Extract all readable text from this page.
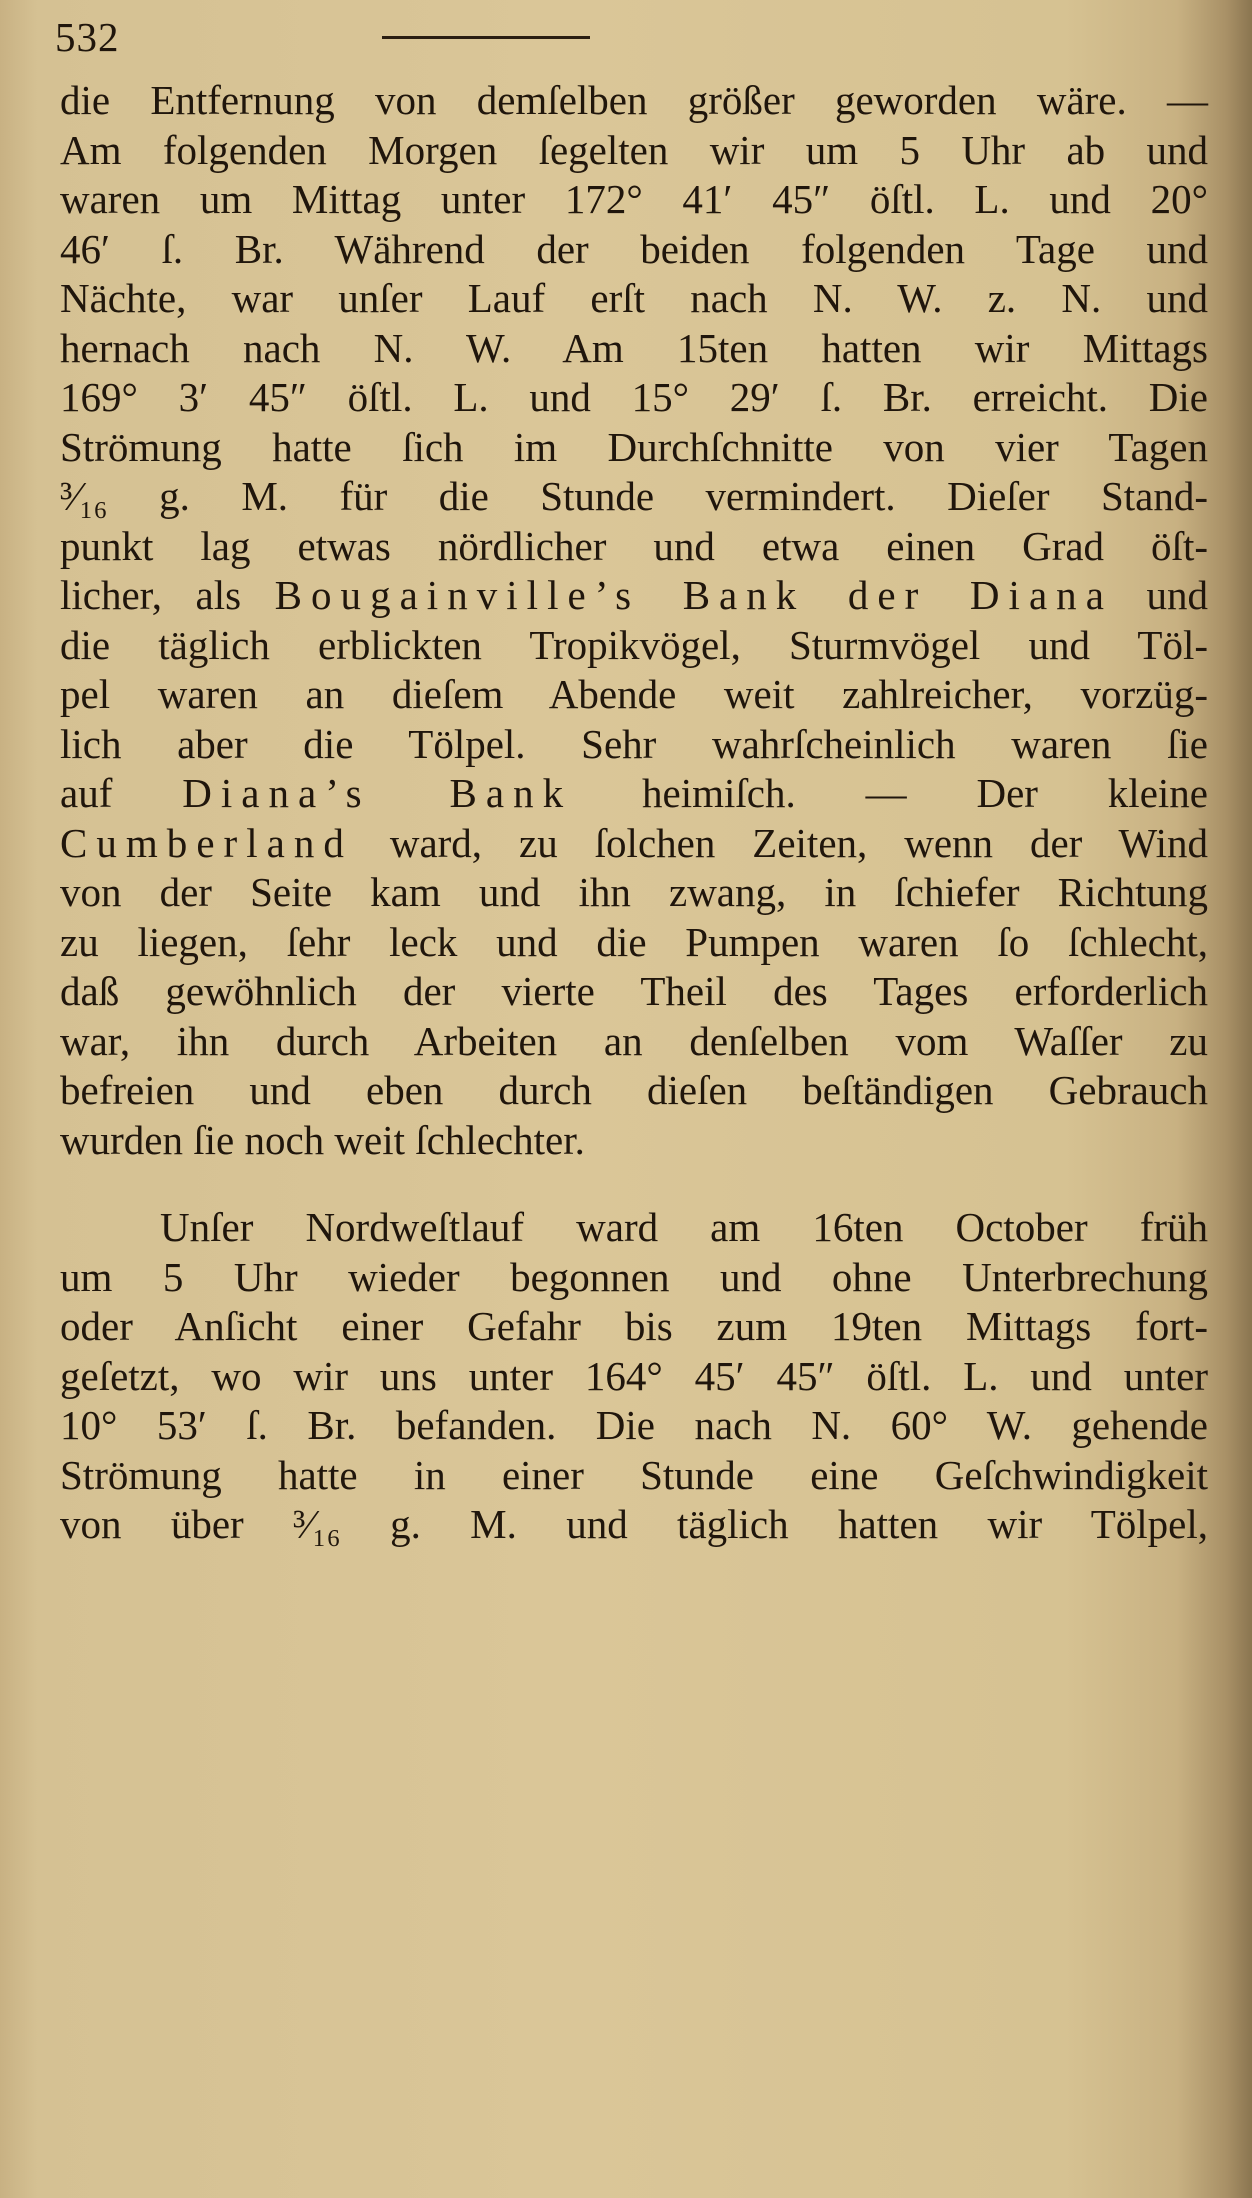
532
die Entfernung von demſelben größer geworden wäre. —
Am folgenden Morgen ſegelten wir um 5 Uhr ab und
waren um Mittag unter 172° 41′ 45″ öſtl. L. und 20°
46′ ſ. Br. Während der beiden folgenden Tage und
Nächte, war unſer Lauf erſt nach N. W. z. N. und
hernach nach N. W. Am 15ten hatten wir Mittags
169° 3′ 45″ öſtl. L. und 15° 29′ ſ. Br. erreicht. Die
Strömung hatte ſich im Durchſchnitte von vier Tagen
³⁄₁₆ g. M. für die Stunde vermindert. Dieſer Stand-
punkt lag etwas nördlicher und etwa einen Grad öſt-
licher, als Bougainville’s Bank der Diana und
die täglich erblickten Tropikvögel, Sturmvögel und Töl-
pel waren an dieſem Abende weit zahlreicher, vorzüg-
lich aber die Tölpel. Sehr wahrſcheinlich waren ſie
auf Diana’s Bank heimiſch. — Der kleine
Cumberland ward, zu ſolchen Zeiten, wenn der Wind
von der Seite kam und ihn zwang, in ſchiefer Richtung
zu liegen, ſehr leck und die Pumpen waren ſo ſchlecht,
daß gewöhnlich der vierte Theil des Tages erforderlich
war, ihn durch Arbeiten an denſelben vom Waſſer zu
befreien und eben durch dieſen beſtändigen Gebrauch
wurden ſie noch weit ſchlechter.
Unſer Nordweſtlauf ward am 16ten October früh
um 5 Uhr wieder begonnen und ohne Unterbrechung
oder Anſicht einer Gefahr bis zum 19ten Mittags fort-
geſetzt, wo wir uns unter 164° 45′ 45″ öſtl. L. und unter
10° 53′ ſ. Br. befanden. Die nach N. 60° W. gehende
Strömung hatte in einer Stunde eine Geſchwindigkeit
von über ³⁄₁₆ g. M. und täglich hatten wir Tölpel,
